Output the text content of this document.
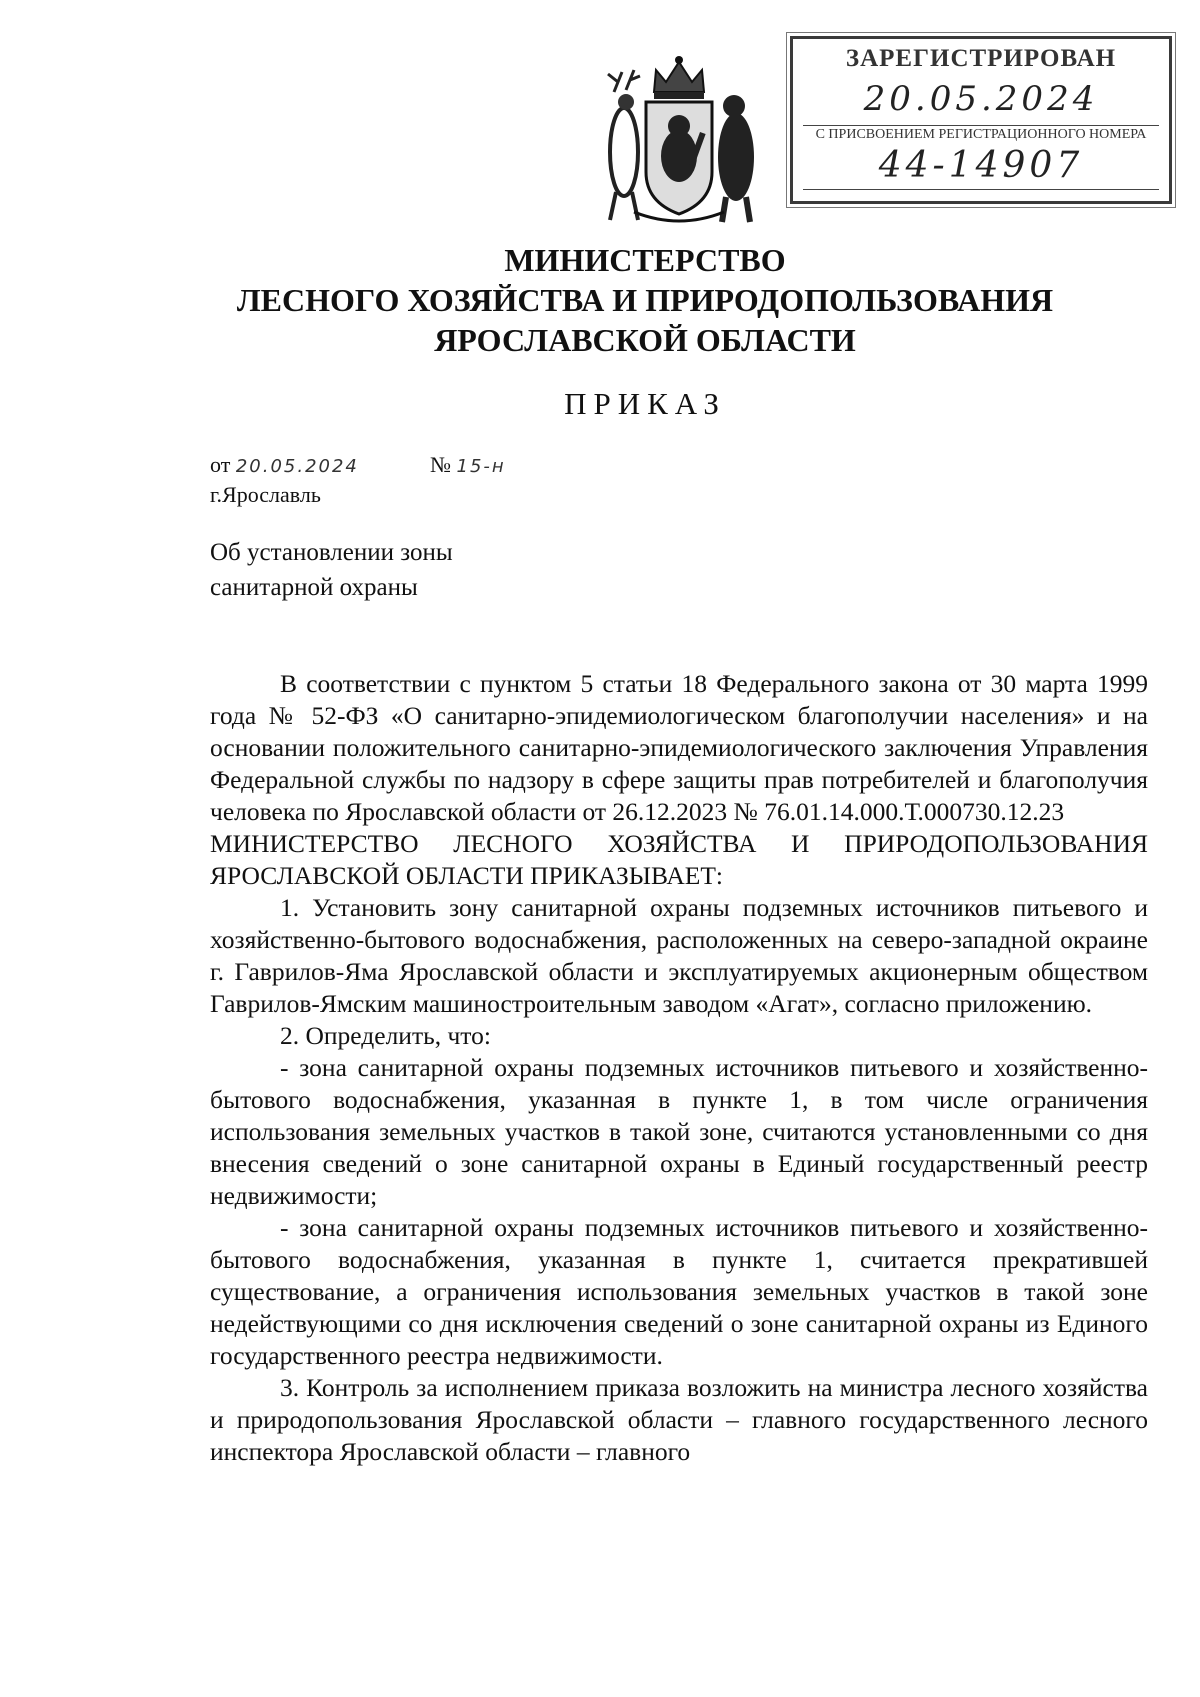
ЗАРЕГИСТРИРОВАН
20.05.2024
С ПРИСВОЕНИЕМ РЕГИСТРАЦИОННОГО НОМЕРА
44-14907
МИНИСТЕРСТВО
ЛЕСНОГО ХОЗЯЙСТВА И ПРИРОДОПОЛЬЗОВАНИЯ
ЯРОСЛАВСКОЙ ОБЛАСТИ
ПРИКАЗ
от 20.05.2024	№ 15-н
г.Ярославль
Об установлении зоны
санитарной охраны

В соответствии с пунктом 5 статьи 18 Федерального закона от 30 марта 1999 года № 52-ФЗ «О санитарно-эпидемиологическом благополучии населения» и на основании положительного санитарно-эпидемиологического заключения Управления Федеральной службы по надзору в сфере защиты прав потребителей и благополучия человека по Ярославской области от 26.12.2023 № 76.01.14.000.Т.000730.12.23

МИНИСТЕРСТВО ЛЕСНОГО ХОЗЯЙСТВА И ПРИРОДОПОЛЬЗОВАНИЯ ЯРОСЛАВСКОЙ ОБЛАСТИ ПРИКАЗЫВАЕТ:

1. Установить зону санитарной охраны подземных источников питьевого и хозяйственно-бытового водоснабжения, расположенных на северо-западной окраине г. Гаврилов-Яма Ярославской области и эксплуатируемых акционерным обществом Гаврилов-Ямским машиностроительным заводом «Агат», согласно приложению.

2. Определить, что:

- зона санитарной охраны подземных источников питьевого и хозяйственно-бытового водоснабжения, указанная в пункте 1, в том числе ограничения использования земельных участков в такой зоне, считаются установленными со дня внесения сведений о зоне санитарной охраны в Единый государственный реестр недвижимости;

- зона санитарной охраны подземных источников питьевого и хозяйственно-бытового водоснабжения, указанная в пункте 1, считается прекратившей существование, а ограничения использования земельных участков в такой зоне недействующими со дня исключения сведений о зоне санитарной охраны из Единого государственного реестра недвижимости.

3. Контроль за исполнением приказа возложить на министра лесного хозяйства и природопользования Ярославской области – главного государственного лесного инспектора Ярославской области – главного
